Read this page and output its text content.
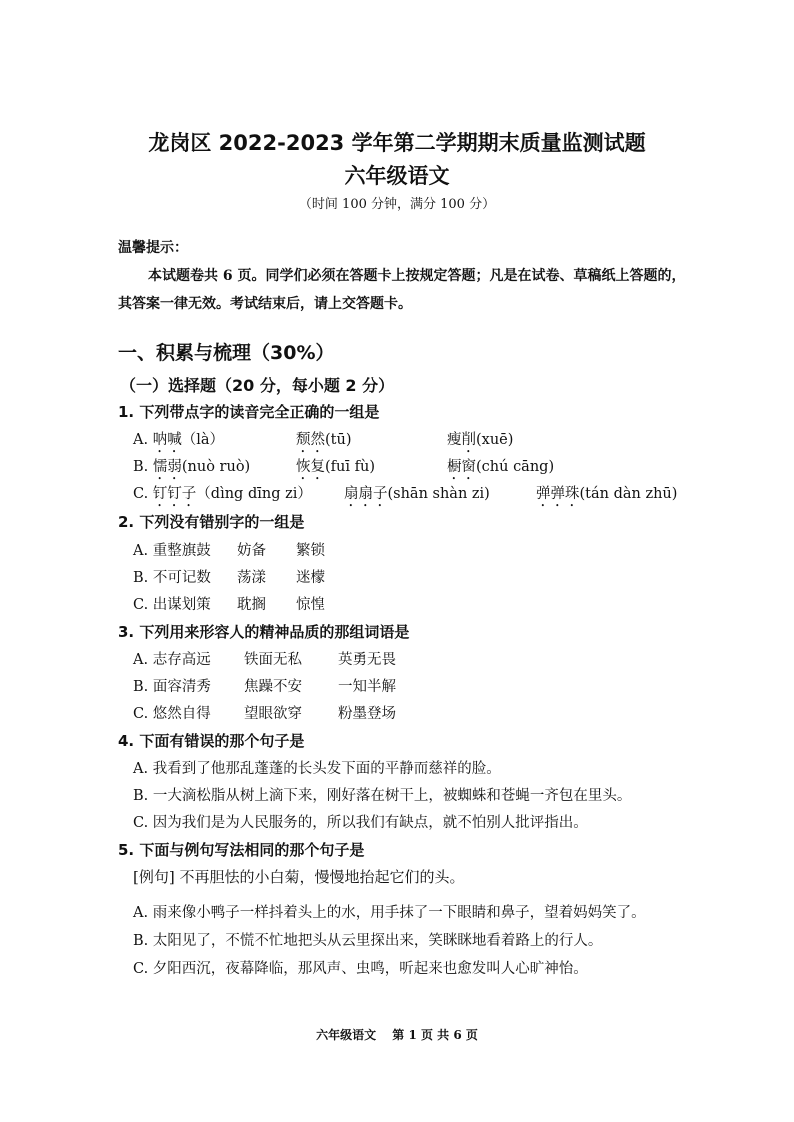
龙岗区 2022-2023 学年第二学期期末质量监测试题
六年级语文
（时间 100 分钟，满分 100 分）
温馨提示：
本试题卷共 6 页。同学们必须在答题卡上按规定答题；凡是在试卷、草稿纸上答题的，
其答案一律无效。考试结束后，请上交答题卡。
一、积累与梳理（30%）
（一）选择题（20 分，每小题 2 分）
1. 下列带点字的读音完全正确的一组是
A. 呐喊（là）	颓然(tū)	瘦削(xuē)
B. 懦弱(nuò ruò)	恢复(fuī fù)	橱窗(chú cāng)
C. 钉钉子（dìng dīng zi） 扇扇子(shān shàn zi)	弹弹珠(tán dàn zhū)
2. 下列没有错别字的一组是
A. 重整旗鼓 妨备 繁锁
B. 不可记数 荡漾 迷檬
C. 出谋划策 耽搁 惊惶
3. 下列用来形容人的精神品质的那组词语是
A. 志存高远 铁面无私 英勇无畏
B. 面容清秀 焦躁不安 一知半解
C. 悠然自得 望眼欲穿 粉墨登场
4. 下面有错误的那个句子是
A. 我看到了他那乱蓬蓬的长头发下面的平静而慈祥的脸。
B. 一大滴松脂从树上滴下来，刚好落在树干上，被蜘蛛和苍蝇一齐包在里头。
C. 因为我们是为人民服务的，所以我们有缺点，就不怕别人批评指出。
5. 下面与例句写法相同的那个句子是
[例句] 不再胆怯的小白菊，慢慢地抬起它们的头。
A. 雨来像小鸭子一样抖着头上的水，用手抹了一下眼睛和鼻子，望着妈妈笑了。
B. 太阳见了，不慌不忙地把头从云里探出来，笑眯眯地看着路上的行人。
C. 夕阳西沉，夜幕降临，那风声、虫鸣，听起来也愈发叫人心旷神怡。
六年级语文　 第 1 页 共 6 页
